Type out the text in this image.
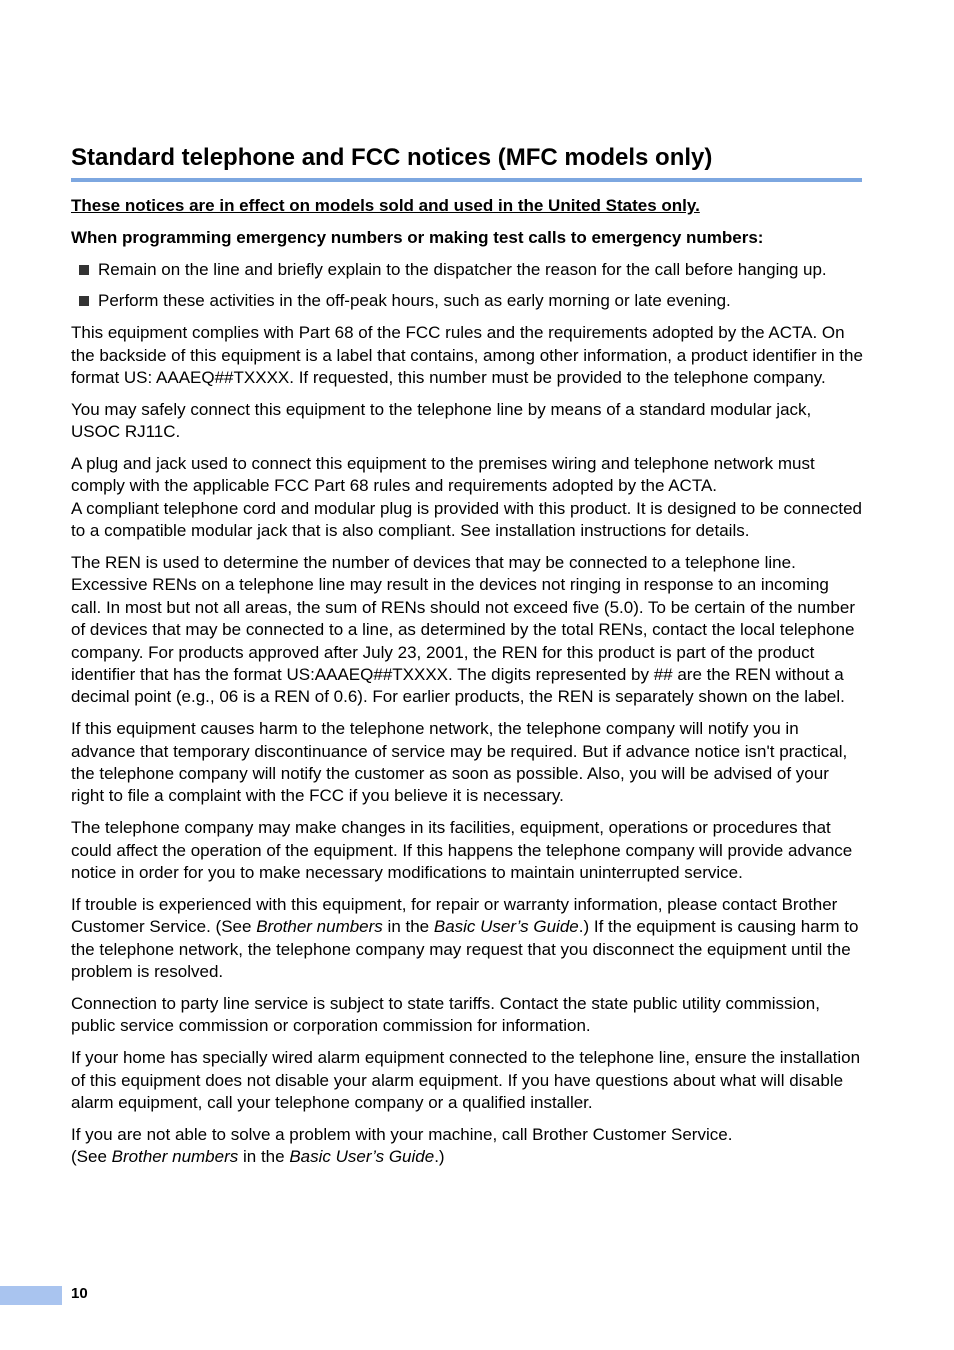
Standard telephone and FCC notices (MFC models only)

These notices are in effect on models sold and used in the United States only.

When programming emergency numbers or making test calls to emergency numbers:

Remain on the line and briefly explain to the dispatcher the reason for the call before hanging up.
Perform these activities in the off-peak hours, such as early morning or late evening.

This equipment complies with Part 68 of the FCC rules and the requirements adopted by the ACTA. On the backside of this equipment is a label that contains, among other information, a product identifier in the format US: AAAEQ##TXXXX. If requested, this number must be provided to the telephone company.

You may safely connect this equipment to the telephone line by means of a standard modular jack, USOC RJ11C.

A plug and jack used to connect this equipment to the premises wiring and telephone network must comply with the applicable FCC Part 68 rules and requirements adopted by the ACTA.
A compliant telephone cord and modular plug is provided with this product. It is designed to be connected to a compatible modular jack that is also compliant. See installation instructions for details.

The REN is used to determine the number of devices that may be connected to a telephone line. Excessive RENs on a telephone line may result in the devices not ringing in response to an incoming call. In most but not all areas, the sum of RENs should not exceed five (5.0). To be certain of the number of devices that may be connected to a line, as determined by the total RENs, contact the local telephone company. For products approved after July 23, 2001, the REN for this product is part of the product identifier that has the format US:AAAEQ##TXXXX. The digits represented by ## are the REN without a decimal point (e.g., 06 is a REN of 0.6). For earlier products, the REN is separately shown on the label.

If this equipment causes harm to the telephone network, the telephone company will notify you in advance that temporary discontinuance of service may be required. But if advance notice isn't practical, the telephone company will notify the customer as soon as possible. Also, you will be advised of your right to file a complaint with the FCC if you believe it is necessary.

The telephone company may make changes in its facilities, equipment, operations or procedures that could affect the operation of the equipment. If this happens the telephone company will provide advance notice in order for you to make necessary modifications to maintain uninterrupted service.

If trouble is experienced with this equipment, for repair or warranty information, please contact Brother Customer Service. (See Brother numbers in the Basic User’s Guide.) If the equipment is causing harm to the telephone network, the telephone company may request that you disconnect the equipment until the problem is resolved.

Connection to party line service is subject to state tariffs. Contact the state public utility commission, public service commission or corporation commission for information.

If your home has specially wired alarm equipment connected to the telephone line, ensure the installation of this equipment does not disable your alarm equipment. If you have questions about what will disable alarm equipment, call your telephone company or a qualified installer.

If you are not able to solve a problem with your machine, call Brother Customer Service.
(See Brother numbers in the Basic User’s Guide.)

10
